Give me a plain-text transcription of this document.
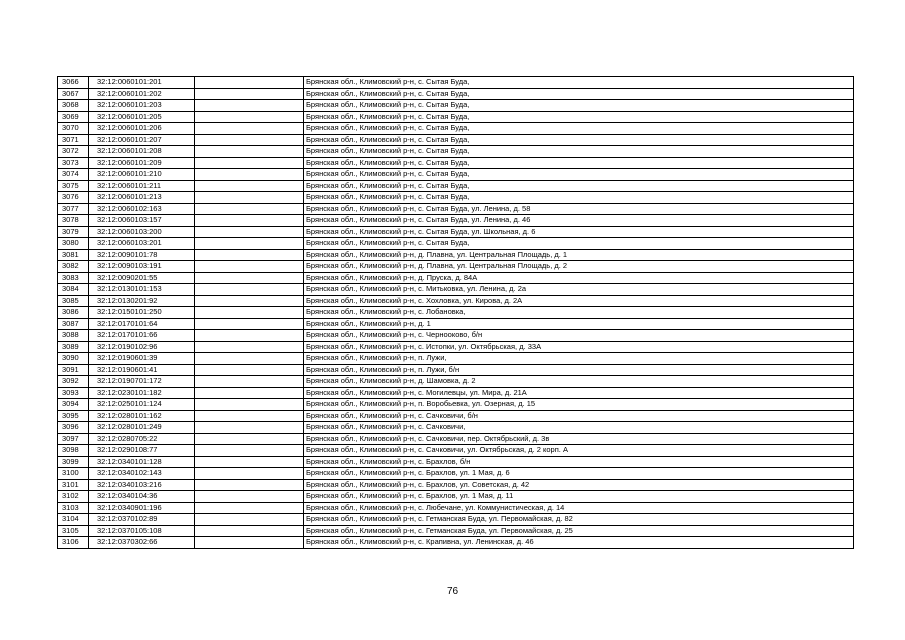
3066	32:12:0060101:201		Брянская обл., Климовский р-н, с. Сытая Буда,
3067	32:12:0060101:202		Брянская обл., Климовский р-н, с. Сытая Буда,
3068	32:12:0060101:203		Брянская обл., Климовский р-н, с. Сытая Буда,
3069	32:12:0060101:205		Брянская обл., Климовский р-н, с. Сытая Буда,
3070	32:12:0060101:206		Брянская обл., Климовский р-н, с. Сытая Буда,
3071	32:12:0060101:207		Брянская обл., Климовский р-н, с. Сытая Буда,
3072	32:12:0060101:208		Брянская обл., Климовский р-н, с. Сытая Буда,
3073	32:12:0060101:209		Брянская обл., Климовский р-н, с. Сытая Буда,
3074	32:12:0060101:210		Брянская обл., Климовский р-н, с. Сытая Буда,
3075	32:12:0060101:211		Брянская обл., Климовский р-н, с. Сытая Буда,
3076	32:12:0060101:213		Брянская обл., Климовский р-н, с. Сытая Буда,
3077	32:12:0060102:163		Брянская обл., Климовский р-н, с. Сытая Буда, ул. Ленина, д. 58
3078	32:12:0060103:157		Брянская обл., Климовский р-н, с. Сытая Буда, ул. Ленина, д. 46
3079	32:12:0060103:200		Брянская обл., Климовский р-н, с. Сытая Буда, ул. Школьная, д. 6
3080	32:12:0060103:201		Брянская обл., Климовский р-н, с. Сытая Буда,
3081	32:12:0090101:78		Брянская обл., Климовский р-н, д. Плавна, ул. Центральная Площадь, д. 1
3082	32:12:0090103:191		Брянская обл., Климовский р-н, д. Плавна, ул. Центральная Площадь, д. 2
3083	32:12:0090201:55		Брянская обл., Климовский р-н, д. Пруска, д. 84А
3084	32:12:0130101:153		Брянская обл., Климовский р-н, с. Митьковка, ул. Ленина, д. 2а
3085	32:12:0130201:92		Брянская обл., Климовский р-н, с. Хохловка, ул. Кирова, д. 2А
3086	32:12:0150101:250		Брянская обл., Климовский р-н, с. Лобановка,
3087	32:12:0170101:64		Брянская обл., Климовский р-н, д. 1
3088	32:12:0170101:66		Брянская обл., Климовский р-н, с. Чернооково, б/н
3089	32:12:0190102:96		Брянская обл., Климовский р-н, с. Истопки, ул. Октябрьская, д. 33А
3090	32:12:0190601:39		Брянская обл., Климовский р-н, п. Лужи,
3091	32:12:0190601:41		Брянская обл., Климовский р-н, п. Лужи, б/н
3092	32:12:0190701:172		Брянская обл., Климовский р-н, д. Шамовка, д. 2
3093	32:12:0230101:182		Брянская обл., Климовский р-н, с. Могилевцы, ул. Мира, д. 21А
3094	32:12:0250101:124		Брянская обл., Климовский р-н, п. Воробьевка, ул. Озерная, д. 15
3095	32:12:0280101:162		Брянская обл., Климовский р-н, с. Сачковичи, б/н
3096	32:12:0280101:249		Брянская обл., Климовский р-н, с. Сачковичи,
3097	32:12:0280705:22		Брянская обл., Климовский р-н, с. Сачковичи, пер. Октябрьский, д. 3в
3098	32:12:0290108:77		Брянская обл., Климовский р-н, с. Сачковичи, ул. Октябрьская, д. 2 корп. А
3099	32:12:0340101:128		Брянская обл., Климовский р-н, с. Брахлов, б/н
3100	32:12:0340102:143		Брянская обл., Климовский р-н, с. Брахлов, ул. 1 Мая, д. 6
3101	32:12:0340103:216		Брянская обл., Климовский р-н, с. Брахлов, ул. Советская, д. 42
3102	32:12:0340104:36		Брянская обл., Климовский р-н, с. Брахлов, ул. 1 Мая, д. 11
3103	32:12:0340901:196		Брянская обл., Климовский р-н, с. Любечане, ул. Коммунистическая, д. 14
3104	32:12:0370102:89		Брянская обл., Климовский р-н, с. Гетманская Буда, ул. Первомайская, д. 82
3105	32:12:0370105:108		Брянская обл., Климовский р-н, с. Гетманская Буда, ул. Первомайская, д. 25
3106	32:12:0370302:66		Брянская обл., Климовский р-н, с. Крапивна, ул. Ленинская, д. 46
76
